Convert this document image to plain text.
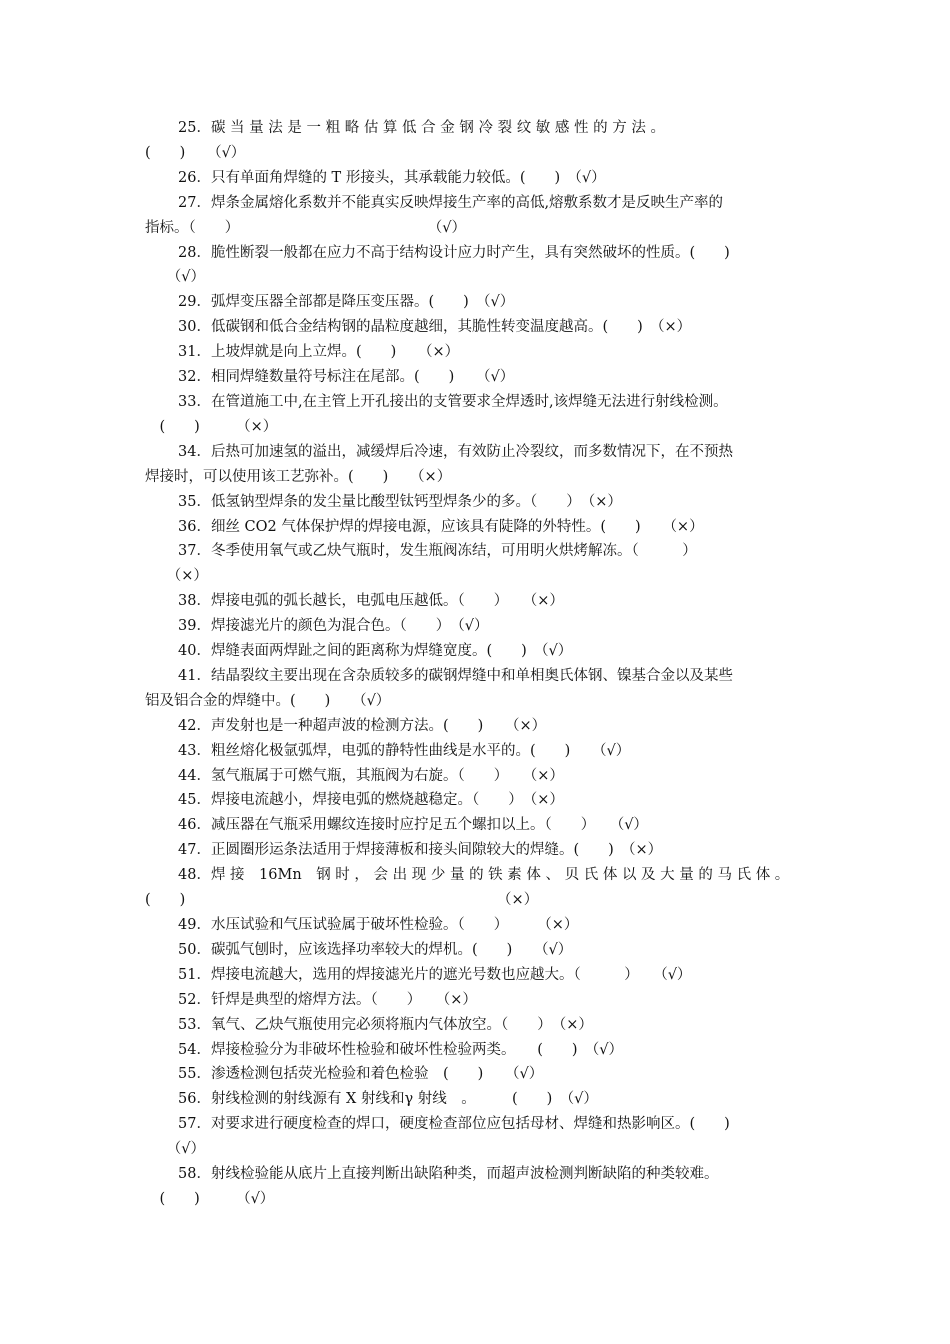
25．碳 当 量 法 是 一 粗 略 估 算 低 合 金 钢 冷 裂 纹 敏 感 性 的 方 法 。
(　　)　　（√）
26．只有单面角焊缝的 T 形接头，其承载能力较低。(　　)　（√）
27．焊条金属熔化系数并不能真实反映焊接生产率的高低,熔敷系数才是反映生产率的
指标。（　　）　　　　　　　　　　　　　　（√）
28．脆性断裂一般都在应力不高于结构设计应力时产生，具有突然破坏的性质。(　　)
　　（√）
29．弧焊变压器全部都是降压变压器。(　　)　（√）
30．低碳钢和低合金结构钢的晶粒度越细，其脆性转变温度越高。(　　)　（×）
31．上坡焊就是向上立焊。(　　)　　（×）
32．相同焊缝数量符号标注在尾部。(　　)　　（√）
33．在管道施工中,在主管上开孔接出的支管要求全焊透时,该焊缝无法进行射线检测。
　(　　)　　　（×）
34．后热可加速氢的溢出，减缓焊后冷速，有效防止冷裂纹，而多数情况下，在不预热
焊接时，可以使用该工艺弥补。(　　)　　（×）
35．低氢钠型焊条的发尘量比酸型钛钙型焊条少的多。（　　）　（×）
36．细丝 CO2 气体保护焊的焊接电源，应该具有陡降的外特性。(　　)　　（×）
37．冬季使用氧气或乙炔气瓶时，发生瓶阀冻结，可用明火烘烤解冻。（　　　）
　　（×）
38．焊接电弧的弧长越长，电弧电压越低。（　　）　　（×）
39．焊接滤光片的颜色为混合色。（　　）　（√）
40．焊缝表面两焊趾之间的距离称为焊缝宽度。(　　)　（√）
41．结晶裂纹主要出现在含杂质较多的碳钢焊缝中和单相奥氏体钢、镍基合金以及某些
铝及铝合金的焊缝中。(　　)　　（√）
42．声发射也是一种超声波的检测方法。(　　)　　（×）
43．粗丝熔化极氩弧焊，电弧的静特性曲线是水平的。(　　)　　（√）
44．氢气瓶属于可燃气瓶，其瓶阀为右旋。（　　）　　（×）
45．焊接电流越小，焊接电弧的燃烧越稳定。（　　）　（×）
46．减压器在气瓶采用螺纹连接时应拧足五个螺扣以上。（　　）　　（√）
47．正圆圈形运条法适用于焊接薄板和接头间隙较大的焊缝。(　　)　（×）
48．焊 接　16Mn　钢 时 ， 会 出 现 少 量 的 铁 素 体 、 贝 氏 体 以 及 大 量 的 马 氏 体 。
(　　)　　　　　　　　　　　　　　　　　　　　　　（×）
49．水压试验和气压试验属于破坏性检验。（　　）　　　（×）
50．碳弧气刨时，应该选择功率较大的焊机。(　　)　　（√）
51．焊接电流越大，选用的焊接滤光片的遮光号数也应越大。（　　　）　　（√）
52．钎焊是典型的熔焊方法。（　　）　　（×）
53．氧气、乙炔气瓶使用完必须将瓶内气体放空。（　　）　（×）
54．焊接检验分为非破坏性检验和破坏性检验两类。　　(　　)　（√）
55．渗透检测包括荧光检验和着色检验　(　　)　　（√）
56．射线检测的射线源有 X 射线和γ 射线　。　　　(　　)　（√）
57．对要求进行硬度检查的焊口，硬度检查部位应包括母材、焊缝和热影响区。(　　)
　　（√）
58．射线检验能从底片上直接判断出缺陷种类，而超声波检测判断缺陷的种类较难。
　(　　)　　　（√）
